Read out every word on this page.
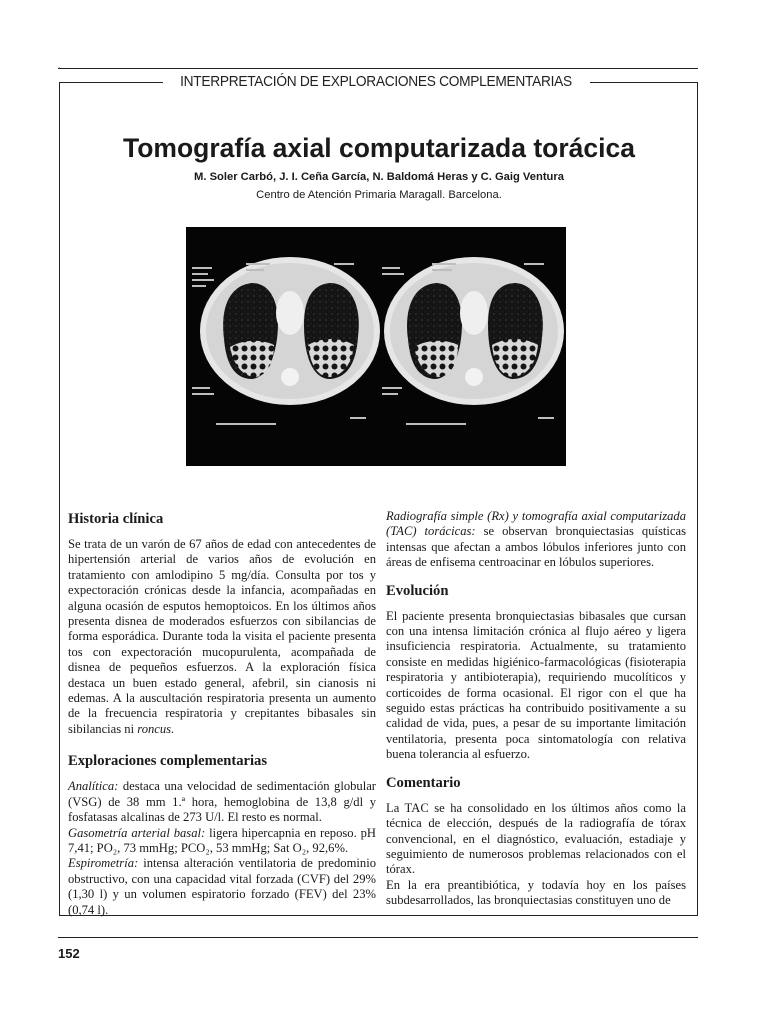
INTERPRETACIÓN DE EXPLORACIONES COMPLEMENTARIAS
Tomografía axial computarizada torácica
M. Soler Carbó, J. I. Ceña García, N. Baldomá Heras y C. Gaig Ventura
Centro de Atención Primaria Maragall. Barcelona.
Historia clínica

Se trata de un varón de 67 años de edad con antecedentes de hipertensión arterial de varios años de evolución en tratamiento con amlodipino 5 mg/día. Consulta por tos y expectoración crónicas desde la infancia, acompañadas en alguna ocasión de esputos hemoptoicos. En los últimos años presenta disnea de moderados esfuerzos con sibilancias de forma esporádica. Durante toda la visita el paciente presenta tos con expectoración mucopurulenta, acompañada de disnea de pequeños esfuerzos. A la exploración física destaca un buen estado general, afebril, sin cianosis ni edemas. A la auscultación respiratoria presenta un aumento de la frecuencia respiratoria y crepitantes bibasales sin sibilancias ni roncus.

Exploraciones complementarias

Analítica: destaca una velocidad de sedimentación globular (VSG) de 38 mm 1.ª hora, hemoglobina de 13,8 g/dl y fosfatasas alcalinas de 273 U/l. El resto es normal.

Gasometría arterial basal: ligera hipercapnia en reposo. pH 7,41; PO₂, 73 mmHg; PCO₂, 53 mmHg; Sat O₂, 92,6%.

Espirometría: intensa alteración ventilatoria de predominio obstructivo, con una capacidad vital forzada (CVF) del 29% (1,30 l) y un volumen espiratorio forzado (FEV) del 23% (0,74 l).

Radiografía simple (Rx) y tomografía axial computarizada (TAC) torácicas: se observan bronquiectasias quísticas intensas que afectan a ambos lóbulos inferiores junto con áreas de enfisema centroacinar en lóbulos superiores.

Evolución

El paciente presenta bronquiectasias bibasales que cursan con una intensa limitación crónica al flujo aéreo y ligera insuficiencia respiratoria. Actualmente, su tratamiento consiste en medidas higiénico-farmacológicas (fisioterapia respiratoria y antibioterapia), requiriendo mucolíticos y corticoides de forma ocasional. El rigor con el que ha seguido estas prácticas ha contribuido positivamente a su calidad de vida, pues, a pesar de su importante limitación ventilatoria, presenta poca sintomatología con relativa buena tolerancia al esfuerzo.

Comentario

La TAC se ha consolidado en los últimos años como la técnica de elección, después de la radiografía de tórax convencional, en el diagnóstico, evaluación, estadiaje y seguimiento de numerosos problemas relacionados con el tórax.

En la era preantibiótica, y todavía hoy en los países subdesarrollados, las bronquiectasias constituyen uno de

152
